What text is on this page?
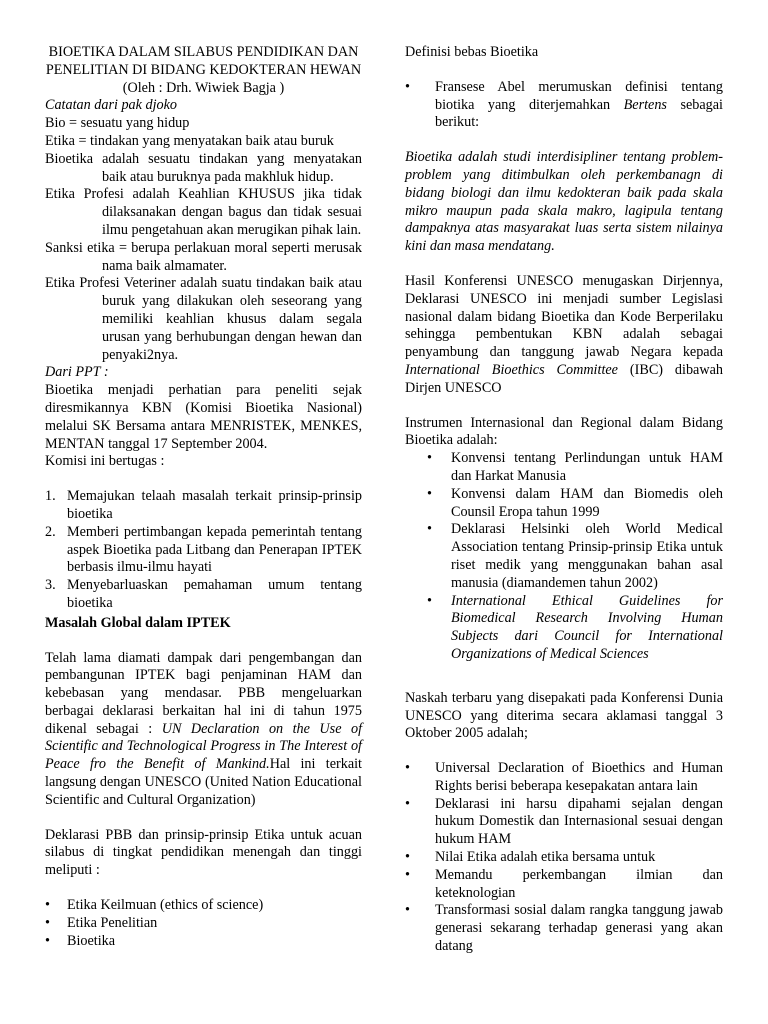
BIOETIKA DALAM SILABUS PENDIDIKAN DAN PENELITIAN DI BIDANG KEDOKTERAN HEWAN (Oleh : Drh. Wiwiek Bagja )

Catatan dari pak djoko

Bio = sesuatu yang hidup

Etika = tindakan yang menyatakan baik atau buruk

Bioetika adalah sesuatu tindakan yang menyatakan baik atau buruknya pada makhluk hidup.

Etika Profesi adalah Keahlian KHUSUS jika tidak dilaksanakan dengan bagus dan tidak sesuai ilmu pengetahuan akan merugikan pihak lain.

Sanksi etika = berupa perlakuan moral seperti merusak nama baik almamater.

Etika Profesi Veteriner adalah suatu tindakan baik atau buruk yang dilakukan oleh seseorang yang memiliki keahlian khusus dalam segala urusan yang berhubungan dengan hewan dan penyaki2nya.

Dari PPT :

Bioetika menjadi perhatian para peneliti sejak diresmikannya KBN (Komisi Bioetika Nasional) melalui SK Bersama antara MENRISTEK, MENKES, MENTAN tanggal 17 September 2004.

Komisi ini bertugas :

1. Memajukan telaah masalah terkait prinsip-prinsip bioetika
2. Memberi pertimbangan kepada pemerintah tentang aspek Bioetika pada Litbang dan Penerapan IPTEK berbasis ilmu-ilmu hayati
3. Menyebarluaskan pemahaman umum tentang bioetika

Masalah Global dalam IPTEK

Telah lama diamati dampak dari pengembangan dan pembangunan IPTEK bagi penjaminan HAM dan kebebasan yang mendasar. PBB mengeluarkan berbagai deklarasi berkaitan hal ini di tahun 1975 dikenal sebagai : UN Declaration on the Use of Scientific and Technological Progress in The Interest of Peace fro the Benefit of Mankind.Hal ini terkait langsung dengan UNESCO (United Nation Educational Scientific and Cultural Organization)

Deklarasi PBB dan prinsip-prinsip Etika untuk acuan silabus di tingkat pendidikan menengah dan tinggi meliputi :

• Etika Keilmuan (ethics of science)
• Etika Penelitian
• Bioetika

Definisi bebas Bioetika

• Fransese Abel merumuskan definisi tentang biotika yang diterjemahkan Bertens sebagai berikut:

Bioetika adalah studi interdisipliner tentang problem-problem yang ditimbulkan oleh perkembanagn di bidang biologi dan ilmu kedokteran baik pada skala mikro maupun pada skala makro, lagipula tentang dampaknya atas masyarakat luas serta sistem nilainya kini dan masa mendatang.

Hasil Konferensi UNESCO menugaskan Dirjennya, Deklarasi UNESCO ini menjadi sumber Legislasi nasional dalam bidang Bioetika dan Kode Berperilaku sehingga pembentukan KBN adalah sebagai penyambung dan tanggung jawab Negara kepada International Bioethics Committee (IBC) dibawah Dirjen UNESCO

Instrumen Internasional dan Regional dalam Bidang Bioetika adalah:

• Konvensi tentang Perlindungan untuk HAM dan Harkat Manusia
• Konvensi dalam HAM dan Biomedis oleh Counsil Eropa tahun 1999
• Deklarasi Helsinki oleh World Medical Association tentang Prinsip-prinsip Etika untuk riset medik yang menggunakan bahan asal manusia (diamandemen tahun 2002)
• International Ethical Guidelines for Biomedical Research Involving Human Subjects dari Council for International Organizations of Medical Sciences

Naskah terbaru yang disepakati pada Konferensi Dunia UNESCO yang diterima secara aklamasi tanggal 3 Oktober 2005 adalah;

• Universal Declaration of Bioethics and Human Rights berisi beberapa kesepakatan antara lain
• Deklarasi ini harsu dipahami sejalan dengan hukum Domestik dan Internasional sesuai dengan hukum HAM
• Nilai Etika adalah etika bersama untuk
• Memandu perkembangan ilmian dan keteknologian
• Transformasi sosial dalam rangka tanggung jawab generasi sekarang terhadap generasi yang akan datang
